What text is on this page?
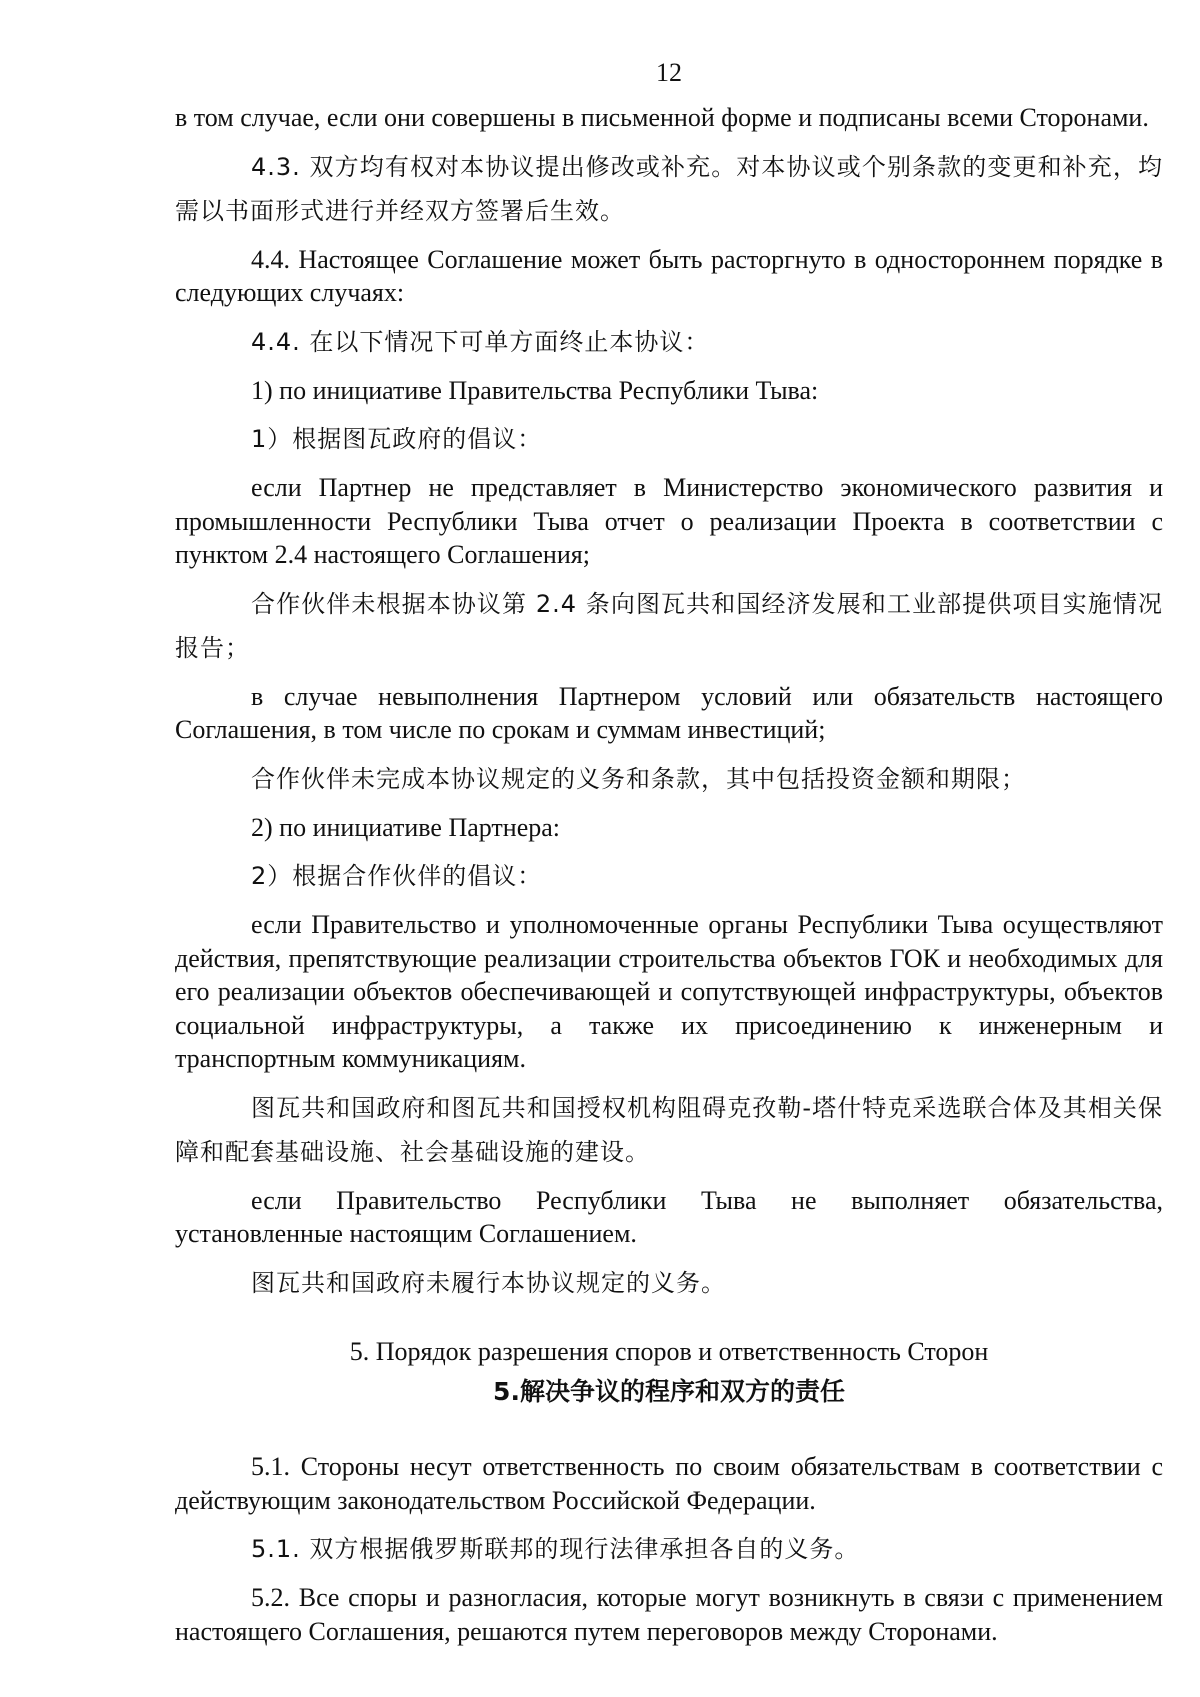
12

в том случае, если они совершены в письменной форме и подписаны всеми Сторонами.

4.3. 双方均有权对本协议提出修改或补充。对本协议或个别条款的变更和补充，均需以书面形式进行并经双方签署后生效。

4.4. Настоящее Соглашение может быть расторгнуто в одностороннем порядке в следующих случаях:

4.4. 在以下情况下可单方面终止本协议：

1) по инициативе Правительства Республики Тыва:

1）根据图瓦政府的倡议：

если Партнер не представляет в Министерство экономического развития и промышленности Республики Тыва отчет о реализации Проекта в соответствии с пунктом 2.4 настоящего Соглашения;

合作伙伴未根据本协议第 2.4 条向图瓦共和国经济发展和工业部提供项目实施情况报告；

в случае невыполнения Партнером условий или обязательств настоящего Соглашения, в том числе по срокам и суммам инвестиций;

合作伙伴未完成本协议规定的义务和条款，其中包括投资金额和期限；

2) по инициативе Партнера:

2）根据合作伙伴的倡议：

если Правительство и уполномоченные органы Республики Тыва осуществляют действия, препятствующие реализации строительства объектов ГОК и необходимых для его реализации объектов обеспечивающей и сопутствующей инфраструктуры, объектов социальной инфраструктуры, а также их присоединению к инженерным и транспортным коммуникациям.

图瓦共和国政府和图瓦共和国授权机构阻碍克孜勒-塔什特克采选联合体及其相关保障和配套基础设施、社会基础设施的建设。

если Правительство Республики Тыва не выполняет обязательства, установленные настоящим Соглашением.

图瓦共和国政府未履行本协议规定的义务。

5. Порядок разрешения споров и ответственность Сторон

5.解决争议的程序和双方的责任

5.1. Стороны несут ответственность по своим обязательствам в соответствии с действующим законодательством Российской Федерации.

5.1. 双方根据俄罗斯联邦的现行法律承担各自的义务。

5.2. Все споры и разногласия, которые могут возникнуть в связи с применением настоящего Соглашения, решаются путем переговоров между Сторонами.
